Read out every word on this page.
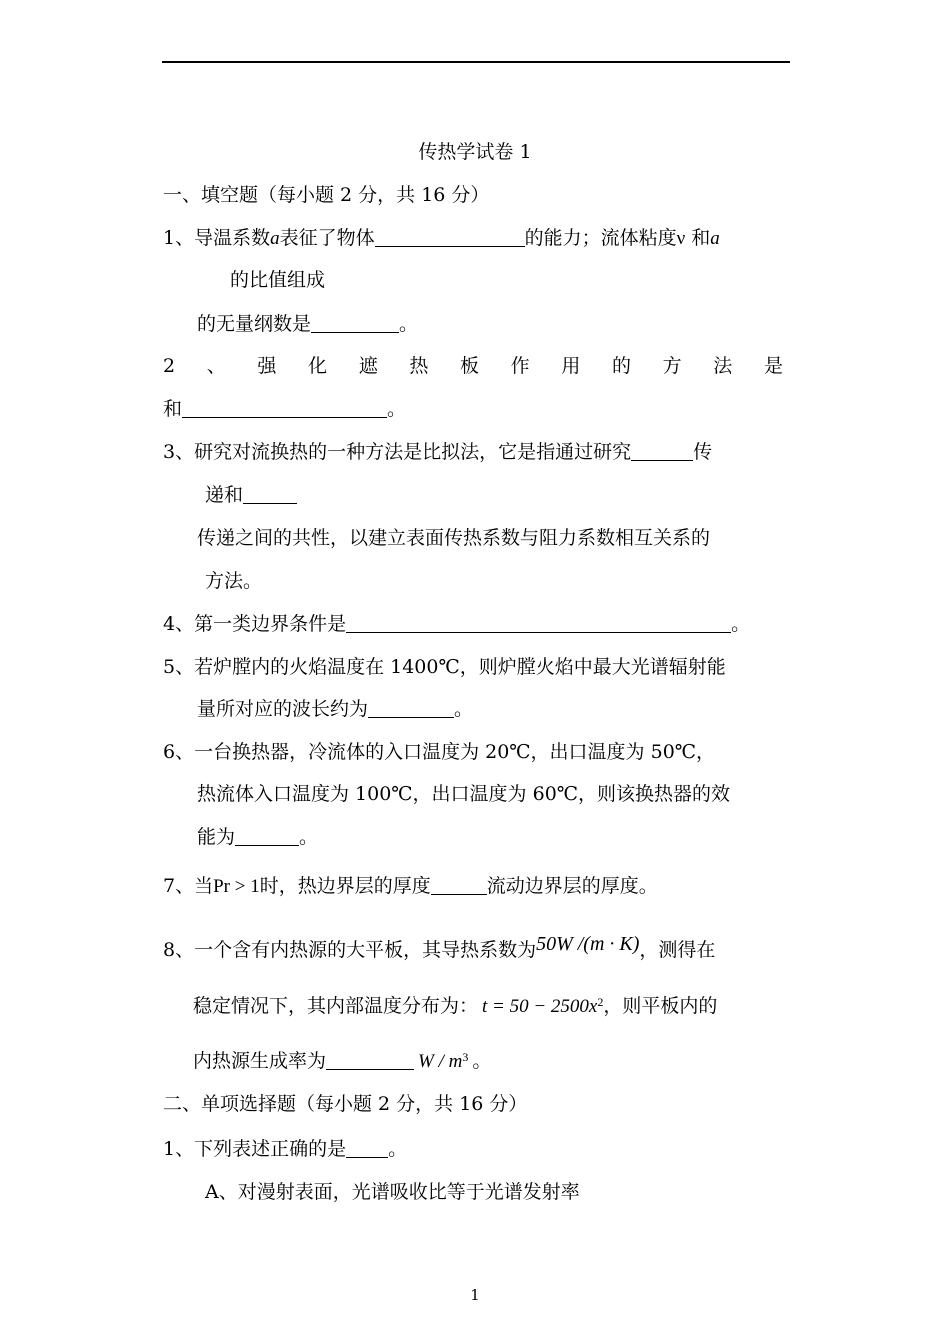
传热学试卷 1
一、填空题（每小题 2 分，共 16 分）
1、导温系数a表征了物体	的能力；流体粘度ν 和a
的比值组成
的无量纲数是	。
2 、 强 化 遮 热 板 作 用 的 方 法 是
和	。
3、研究对流换热的一种方法是比拟法，它是指通过研究	传
递和
传递之间的共性，以建立表面传热系数与阻力系数相互关系的
方法。
4、第一类边界条件是	。
5、若炉膛内的火焰温度在 1400℃，则炉膛火焰中最大光谱辐射能
量所对应的波长约为	。
6、一台换热器，冷流体的入口温度为 20℃，出口温度为 50℃，
热流体入口温度为 100℃，出口温度为 60℃，则该换热器的效
能为	。
7、当Pr > 1时，热边界层的厚度	流动边界层的厚度。
8、一个含有内热源的大平板，其导热系数为50W /(m · K)，测得在
稳定情况下，其内部温度分布为： $t = 50 - 2500x^2$，则平板内的
内热源生成率为	W / $m^3$ 。
二、单项选择题（每小题 2 分，共 16 分）
1、下列表述正确的是 。
A、对漫射表面，光谱吸收比等于光谱发射率
1
